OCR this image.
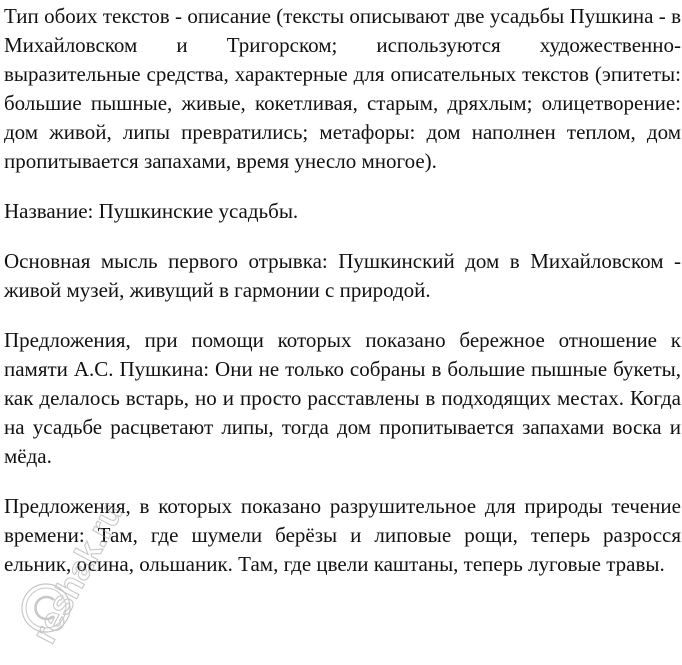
Тип обоих текстов - описание (тексты описывают две усадьбы Пушкина - в Михайловском и Тригорском; используются художественно-выразительные средства, характерные для описательных текстов (эпитеты: большие пышные, живые, кокетливая, старым, дряхлым; олицетворение: дом живой, липы превратились; метафоры: дом наполнен теплом, дом пропитывается запахами, время унесло многое).

Название: Пушкинские усадьбы.

Основная мысль первого отрывка: Пушкинский дом в Михайловском - живой музей, живущий в гармонии с природой.

Предложения, при помощи которых показано бережное отношение к памяти А.С. Пушкина: Они не только собраны в большие пышные букеты, как делалось встарь, но и просто расставлены в подходящих местах. Когда на усадьбе расцветают липы, тогда дом пропитывается запахами воска и мёда.

Предложения, в которых показано разрушительное для природы течение времени: Там, где шумели берёзы и липовые рощи, теперь разросся ельник, осина, ольшаник. Там, где цвели каштаны, теперь луговые травы.

reshak.ru
